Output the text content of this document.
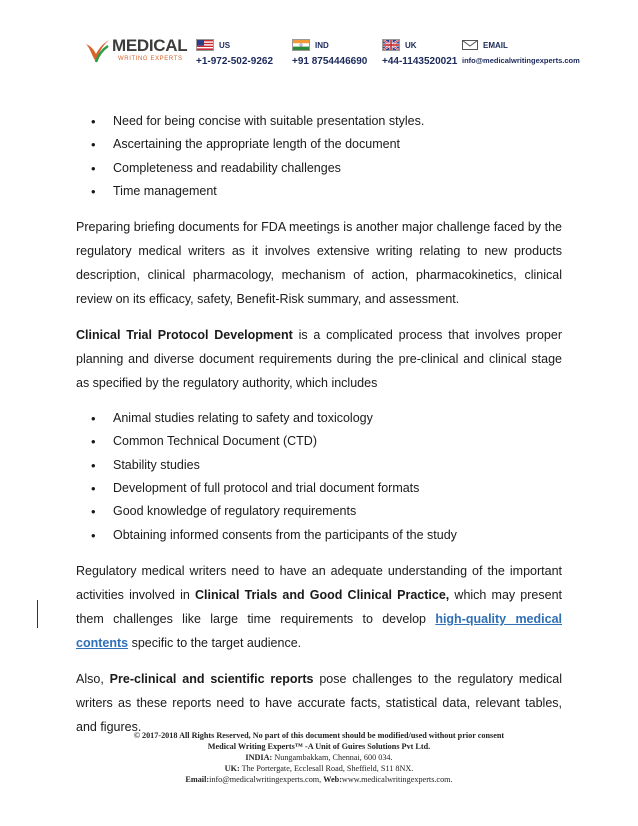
MEDICAL
WRITING EXPERTS
US
+1-972-502-9262
IND
+91 8754446690
UK
+44-1143520021
EMAIL
info@medicalwritingexperts.com
• Need for being concise with suitable presentation styles.
• Ascertaining the appropriate length of the document
• Completeness and readability challenges
• Time management

Preparing briefing documents for FDA meetings is another major challenge faced by the regulatory medical writers as it involves extensive writing relating to new products description, clinical pharmacology, mechanism of action, pharmacokinetics, clinical review on its efficacy, safety, Benefit-Risk summary, and assessment.

Clinical Trial Protocol Development is a complicated process that involves proper planning and diverse document requirements during the pre-clinical and clinical stage as specified by the regulatory authority, which includes

• Animal studies relating to safety and toxicology
• Common Technical Document (CTD)
• Stability studies
• Development of full protocol and trial document formats
• Good knowledge of regulatory requirements
• Obtaining informed consents from the participants of the study

Regulatory medical writers need to have an adequate understanding of the important activities involved in Clinical Trials and Good Clinical Practice, which may present them challenges like large time requirements to develop high-quality medical contents specific to the target audience.

Also, Pre-clinical and scientific reports pose challenges to the regulatory medical writers as these reports need to have accurate facts, statistical data, relevant tables, and figures.

© 2017-2018 All Rights Reserved, No part of this document should be modified/used without prior consent
Medical Writing Experts™ -A Unit of Guires Solutions Pvt Ltd.
INDIA: Nungambakkam, Chennai, 600 034.
UK: The Portergate, Ecclesall Road, Sheffield, S11 8NX.
Email:info@medicalwritingexperts.com, Web:www.medicalwritingexperts.com.
